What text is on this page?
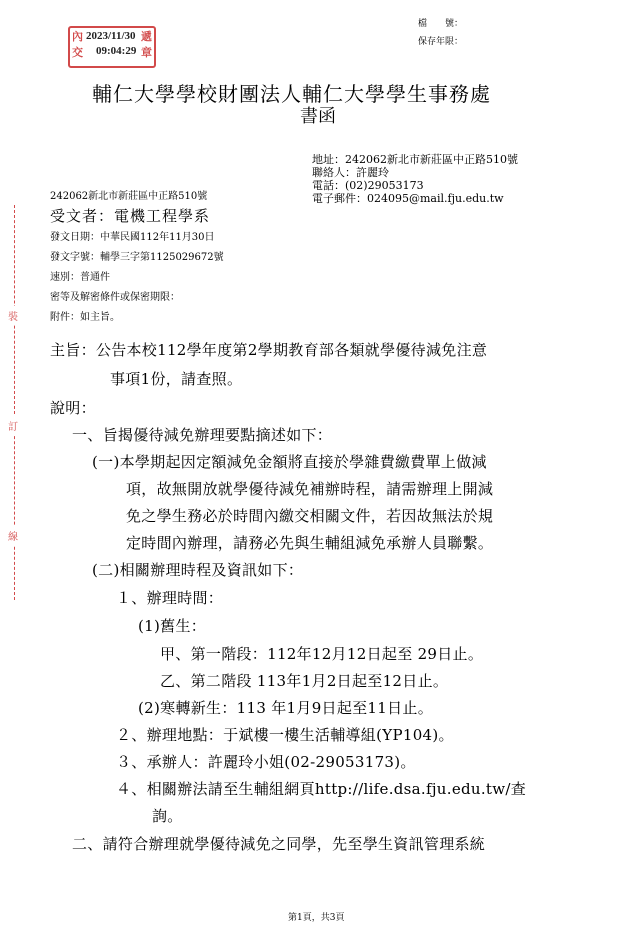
內
交
2023/11/30
09:04:29
遞
章
檔　　號：
保存年限：
輔仁大學學校財團法人輔仁大學學生事務處
書函
地址：242062新北市新莊區中正路510號
聯絡人：許麗玲
電話：(02)29053173
電子郵件：024095@mail.fju.edu.tw
242062新北市新莊區中正路510號
受文者：電機工程學系
發文日期：中華民國112年11月30日
發文字號：輔學三字第1125029672號
速別：普通件
密等及解密條件或保密期限：
附件：如主旨。
裝
訂
線
主旨：公告本校112學年度第2學期教育部各類就學優待減免注意
事項1份，請查照。
說明：
一、旨揭優待減免辦理要點摘述如下：
(一)本學期起因定額減免金額將直接於學雜費繳費單上做減
項，故無開放就學優待減免補辦時程，請需辦理上開減
免之學生務必於時間內繳交相關文件，若因故無法於規
定時間內辦理，請務必先與生輔組減免承辦人員聯繫。
(二)相關辦理時程及資訊如下：
１、辦理時間：
(1)舊生：
甲、第一階段：112年12月12日起至 29日止。
乙、第二階段 113年1月2日起至12日止。
(2)寒轉新生：113 年1月9日起至11日止。
２、辦理地點：于斌樓一樓生活輔導組(YP104)。
３、承辦人：許麗玲小姐(02-29053173)。
４、相關辦法請至生輔組網頁http://life.dsa.fju.edu.tw/查
詢。
二、請符合辦理就學優待減免之同學，先至學生資訊管理系統
第1頁，共3頁
